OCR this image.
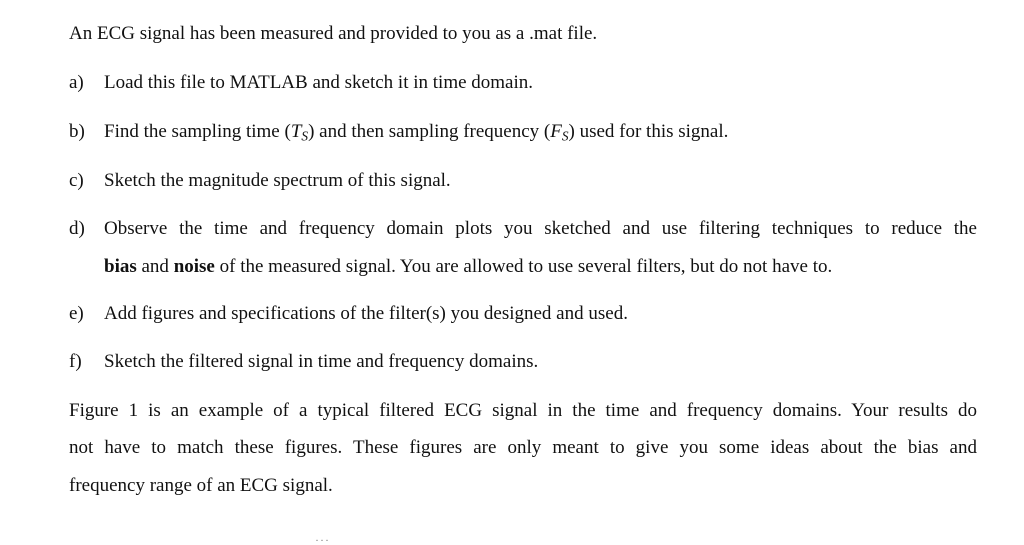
An ECG signal has been measured and provided to you as a .mat file.
a) Load this file to MATLAB and sketch it in time domain.
b) Find the sampling time $(T_S)$ and then sampling frequency $(F_S)$ used for this signal.
c) Sketch the magnitude spectrum of this signal.
d) Observe the time and frequency domain plots you sketched and use filtering techniques to reduce the
bias and noise of the measured signal. You are allowed to use several filters, but do not have to.
e) Add figures and specifications of the filter(s) you designed and used.
f) Sketch the filtered signal in time and frequency domains.
Figure 1 is an example of a typical filtered ECG signal in the time and frequency domains. Your results do
not have to match these figures. These figures are only meant to give you some ideas about the bias and
frequency range of an ECG signal.
